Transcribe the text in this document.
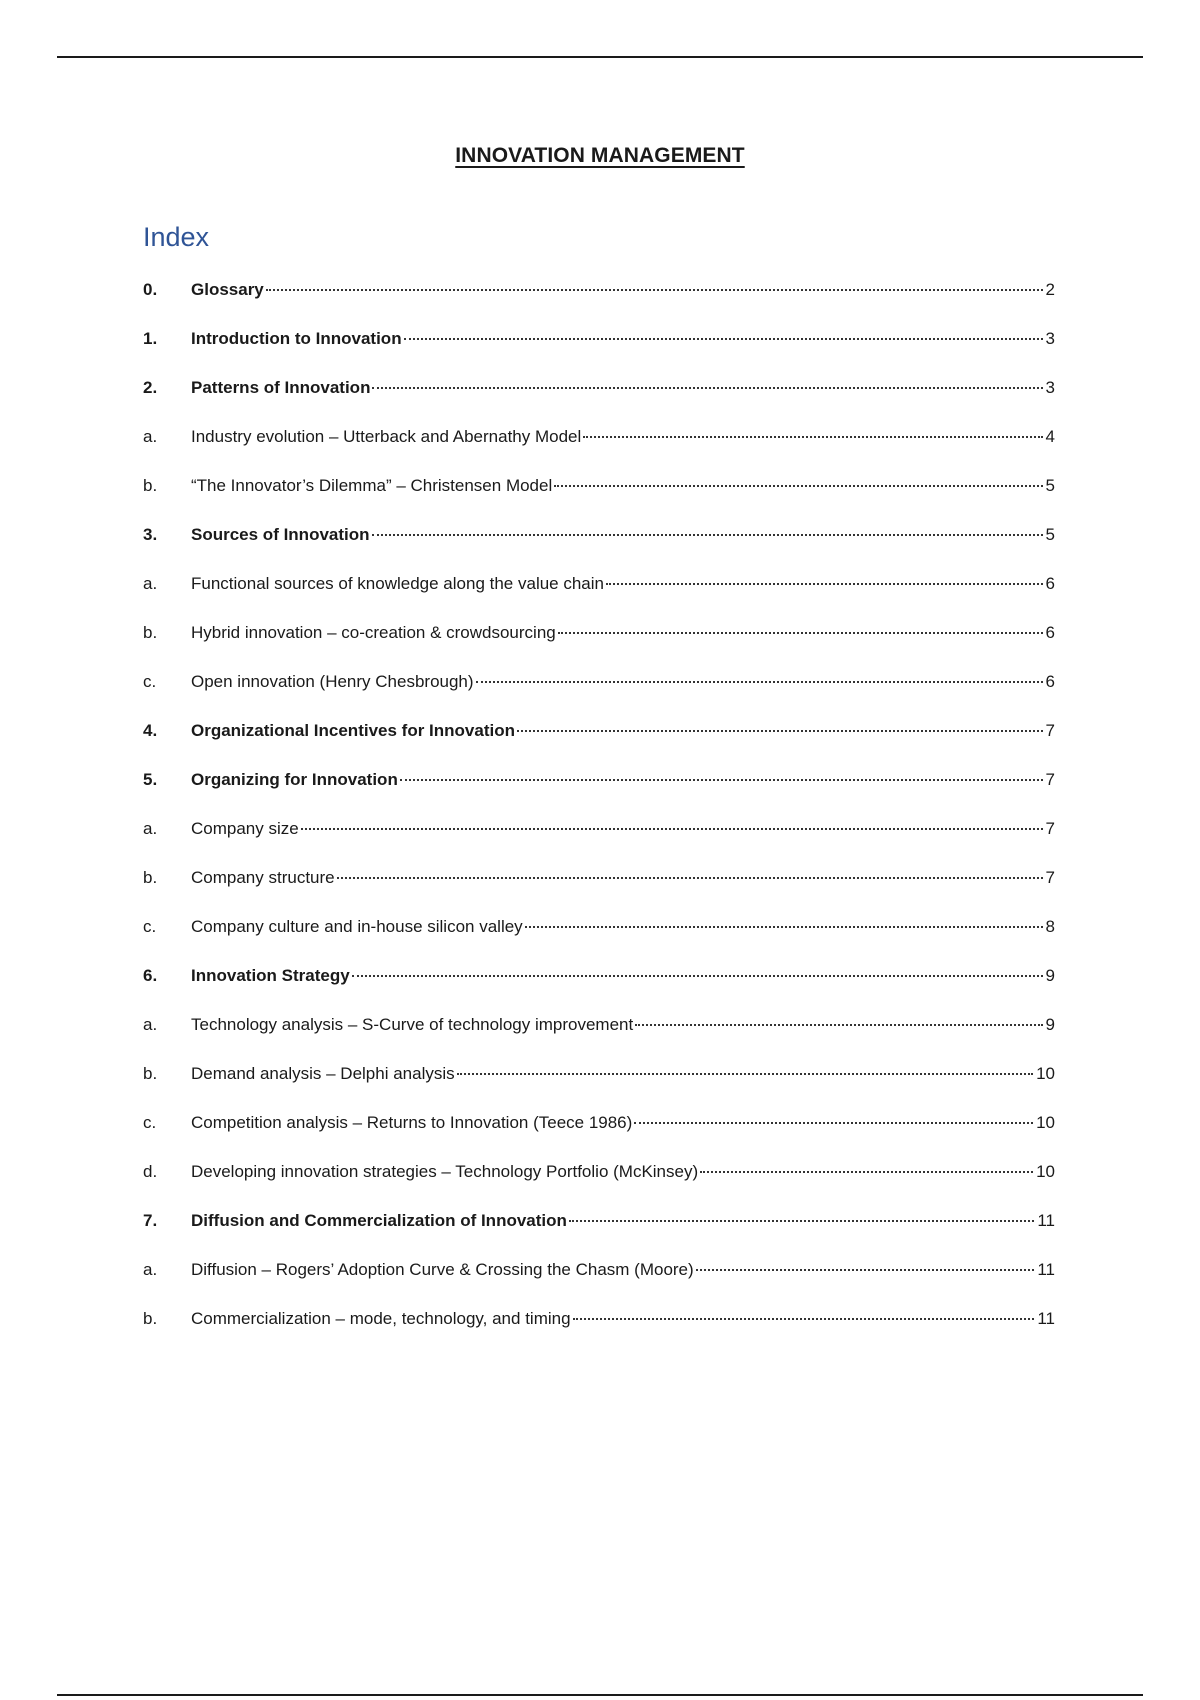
INNOVATION MANAGEMENT
Index
0.	Glossary	2
1.	Introduction to Innovation	3
2.	Patterns of Innovation	3
a.	Industry evolution – Utterback and Abernathy Model	4
b.	“The Innovator’s Dilemma” – Christensen Model	5
3.	Sources of Innovation	5
a.	Functional sources of knowledge along the value chain	6
b.	Hybrid innovation – co-creation & crowdsourcing	6
c.	Open innovation (Henry Chesbrough)	6
4.	Organizational Incentives for Innovation	7
5.	Organizing for Innovation	7
a.	Company size	7
b.	Company structure	7
c.	Company culture and in-house silicon valley	8
6.	Innovation Strategy	9
a.	Technology analysis – S-Curve of technology improvement	9
b.	Demand analysis – Delphi analysis	10
c.	Competition analysis – Returns to Innovation (Teece 1986)	10
d.	Developing innovation strategies – Technology Portfolio (McKinsey)	10
7.	Diffusion and Commercialization of Innovation	11
a.	Diffusion – Rogers’ Adoption Curve & Crossing the Chasm (Moore)	11
b.	Commercialization – mode, technology, and timing	11
